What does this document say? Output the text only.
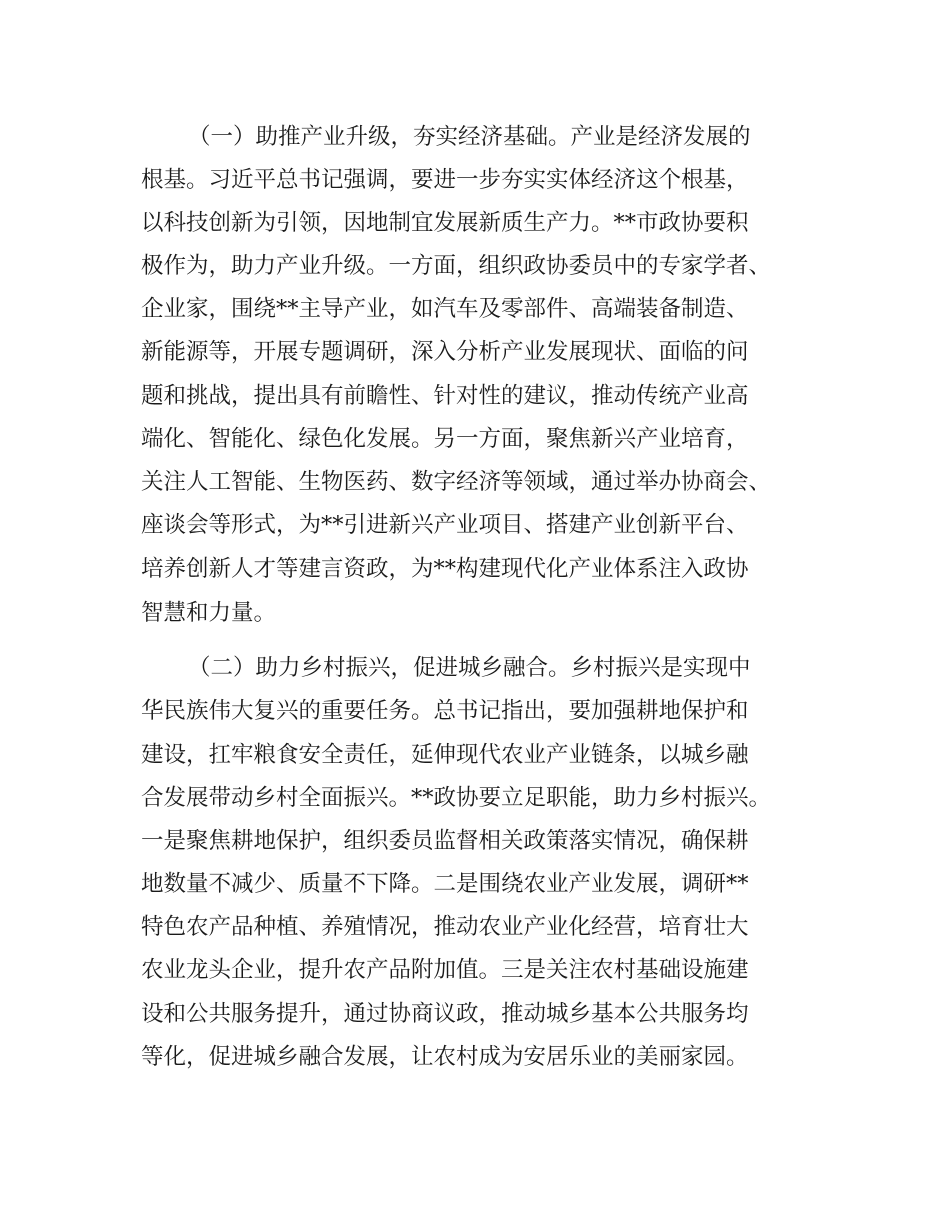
（一）助推产业升级，夯实经济基础。产业是经济发展的
根基。习近平总书记强调，要进一步夯实实体经济这个根基，
以科技创新为引领，因地制宜发展新质生产力。**市政协要积
极作为，助力产业升级。一方面，组织政协委员中的专家学者、
企业家，围绕**主导产业，如汽车及零部件、高端装备制造、
新能源等，开展专题调研，深入分析产业发展现状、面临的问
题和挑战，提出具有前瞻性、针对性的建议，推动传统产业高
端化、智能化、绿色化发展。另一方面，聚焦新兴产业培育，
关注人工智能、生物医药、数字经济等领域，通过举办协商会、
座谈会等形式，为**引进新兴产业项目、搭建产业创新平台、
培养创新人才等建言资政，为**构建现代化产业体系注入政协
智慧和力量。
（二）助力乡村振兴，促进城乡融合。乡村振兴是实现中
华民族伟大复兴的重要任务。总书记指出，要加强耕地保护和
建设，扛牢粮食安全责任，延伸现代农业产业链条，以城乡融
合发展带动乡村全面振兴。**政协要立足职能，助力乡村振兴。
一是聚焦耕地保护，组织委员监督相关政策落实情况，确保耕
地数量不减少、质量不下降。二是围绕农业产业发展，调研**
特色农产品种植、养殖情况，推动农业产业化经营，培育壮大
农业龙头企业，提升农产品附加值。三是关注农村基础设施建
设和公共服务提升，通过协商议政，推动城乡基本公共服务均
等化，促进城乡融合发展，让农村成为安居乐业的美丽家园。
